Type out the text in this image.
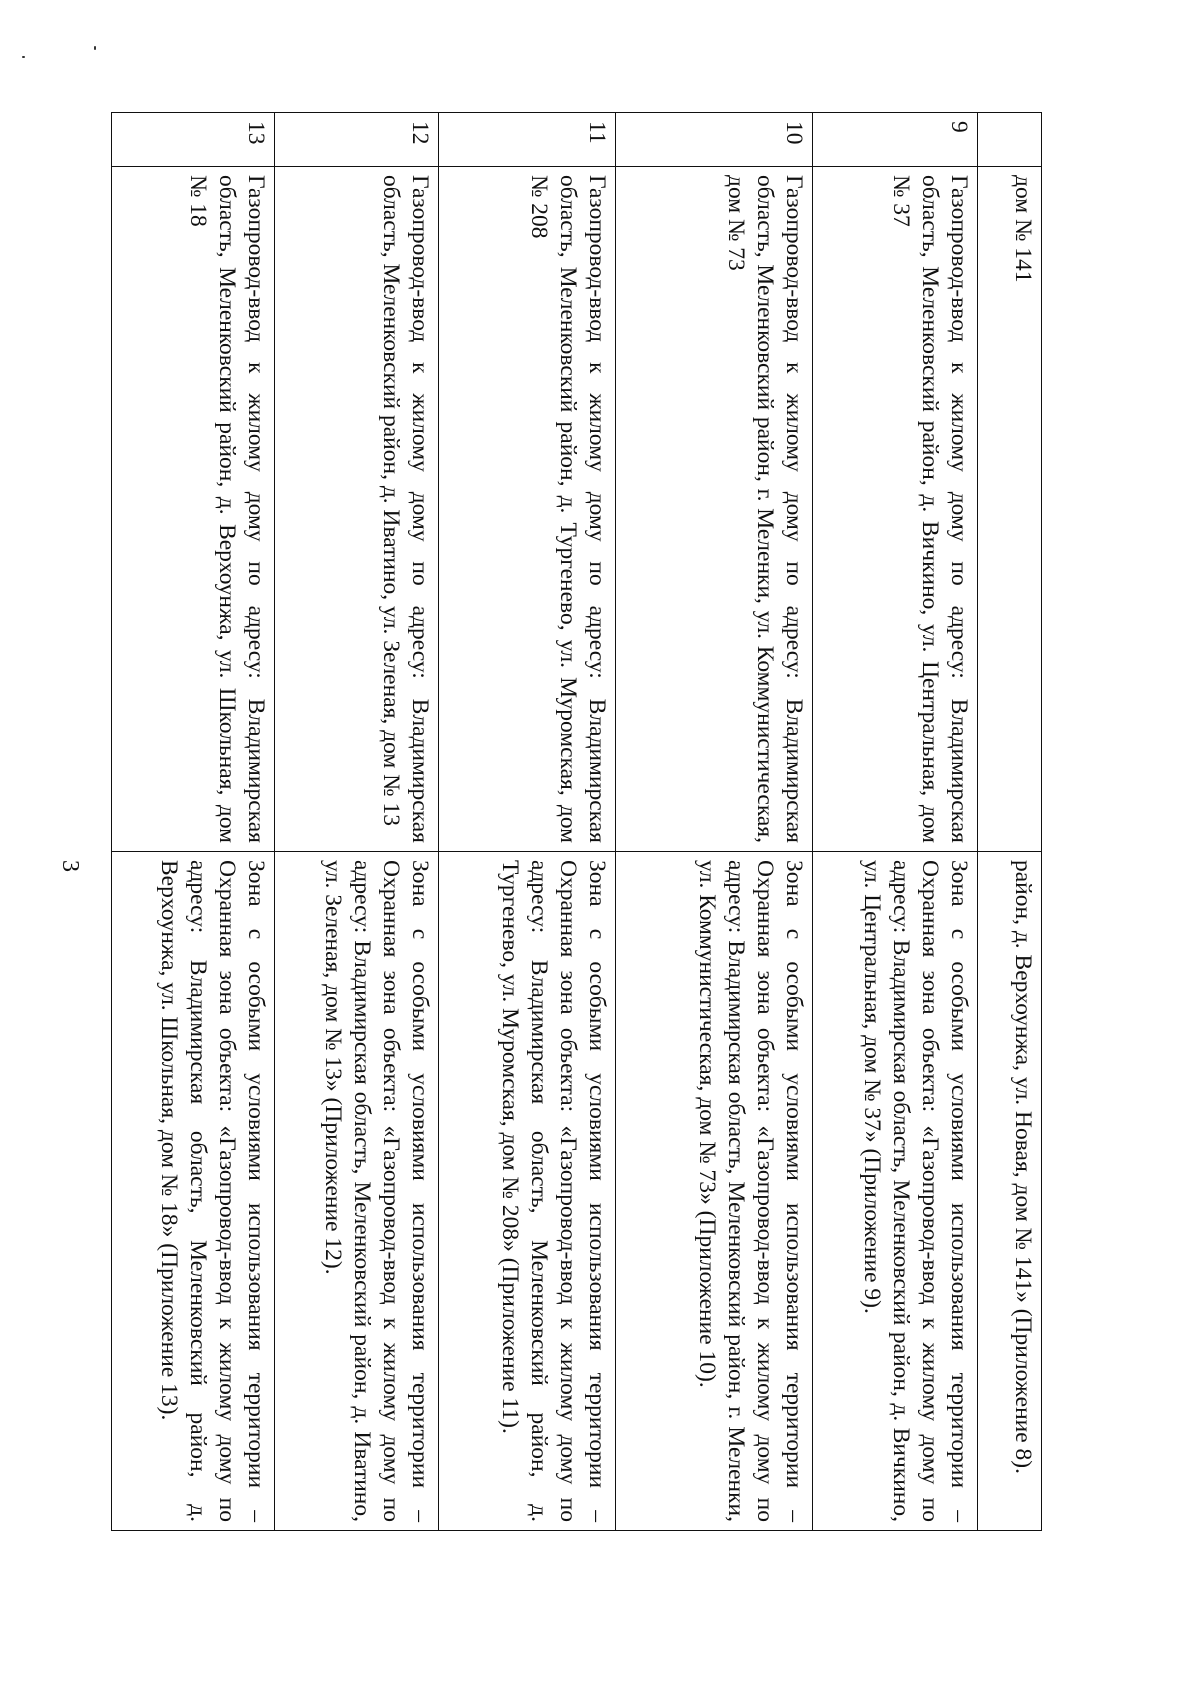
3
	дом № 141	район, д. Верхоунжа, ул. Новая, дом № 141» (Приложение 8).
9	Газопровод-ввод к жилому дому по адресу: Владимирская область, Меленковский район, д. Вичкино, ул. Центральная, дом № 37	Зона с особыми условиями использования территории – Охранная зона объекта: «Газопровод-ввод к жилому дому по адресу: Владимирская область, Меленковский район, д. Вичкино, ул. Центральная, дом № 37» (Приложение 9).
10	Газопровод-ввод к жилому дому по адресу: Владимирская область, Меленковский район, г. Меленки, ул. Коммунистическая, дом № 73	Зона с особыми условиями использования территории – Охранная зона объекта: «Газопровод-ввод к жилому дому по адресу: Владимирская область, Меленковский район, г. Меленки, ул. Коммунистическая, дом № 73» (Приложение 10).
11	Газопровод-ввод к жилому дому по адресу: Владимирская область, Меленковский район, д. Тургенево, ул. Муромская, дом № 208	Зона с особыми условиями использования территории – Охранная зона объекта: «Газопровод-ввод к жилому дому по адресу: Владимирская область, Меленковский район, д. Тургенево, ул. Муромская, дом № 208» (Приложение 11).
12	Газопровод-ввод к жилому дому по адресу: Владимирская область, Меленковский район, д. Иватино, ул. Зеленая, дом № 13	Зона с особыми условиями использования территории – Охранная зона объекта: «Газопровод-ввод к жилому дому по адресу: Владимирская область, Меленковский район, д. Иватино, ул. Зеленая, дом № 13» (Приложение 12).
13	Газопровод-ввод к жилому дому по адресу: Владимирская область, Меленковский район, д. Верхоунжа, ул. Школьная, дом № 18	Зона с особыми условиями использования территории – Охранная зона объекта: «Газопровод-ввод к жилому дому по адресу: Владимирская область, Меленковский район, д. Верхоунжа, ул. Школьная, дом № 18» (Приложение 13).
